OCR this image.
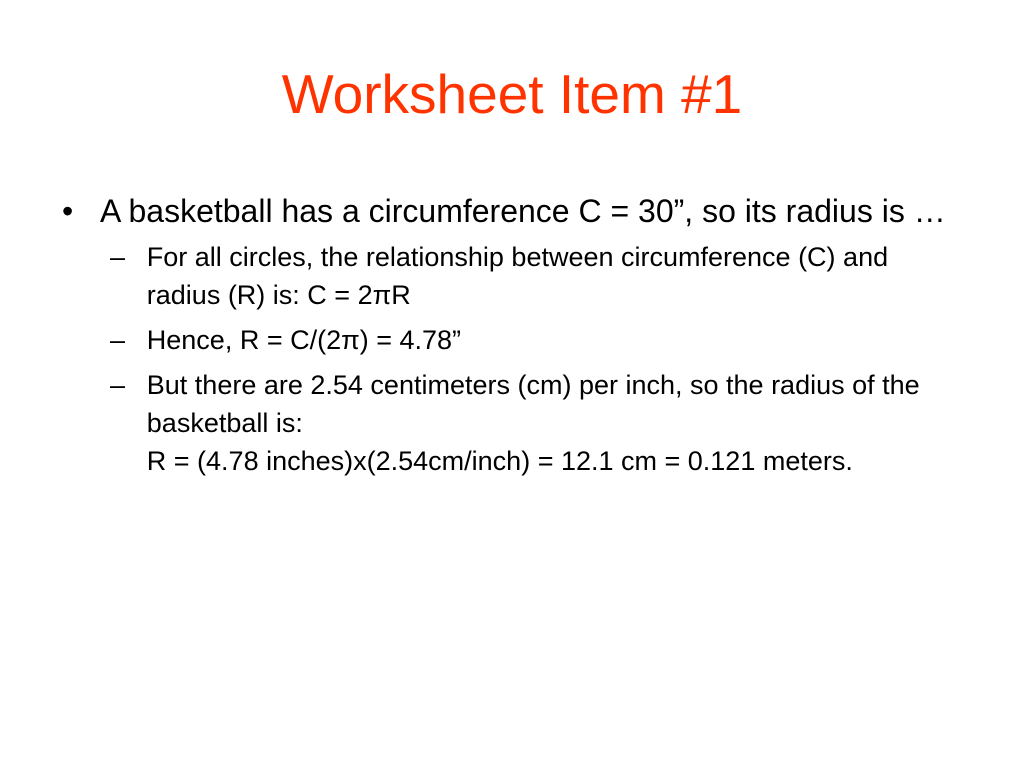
Worksheet Item #1
• A basketball has a circumference C = 30”, so its radius is …
– For all circles, the relationship between circumference (C) and radius (R) is: C = 2πR
– Hence, R = C/(2π) = 4.78”
– But there are 2.54 centimeters (cm) per inch, so the radius of the basketball is:
R = (4.78 inches)x(2.54cm/inch) = 12.1 cm = 0.121 meters.
